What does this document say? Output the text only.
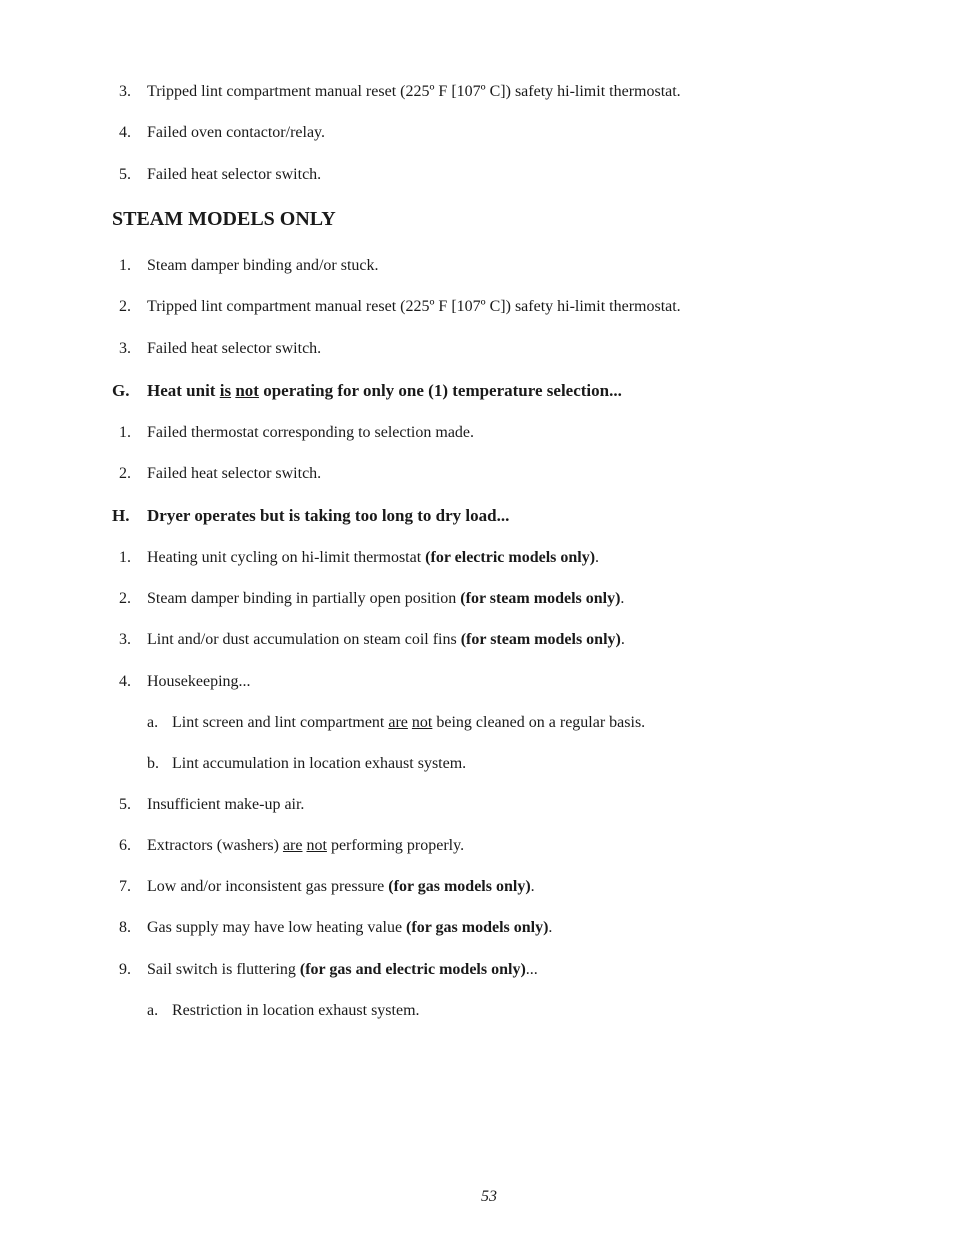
3. Tripped lint compartment manual reset (225º F [107º C]) safety hi-limit thermostat.
4. Failed oven contactor/relay.
5. Failed heat selector switch.
STEAM MODELS ONLY
1. Steam damper binding and/or stuck.
2. Tripped lint compartment manual reset (225º F [107º C]) safety hi-limit thermostat.
3. Failed heat selector switch.
G. Heat unit is not operating for only one (1) temperature selection...
1. Failed thermostat corresponding to selection made.
2. Failed heat selector switch.
H. Dryer operates but is taking too long to dry load...
1. Heating unit cycling on hi-limit thermostat (for electric models only).
2. Steam damper binding in partially open position (for steam models only).
3. Lint and/or dust accumulation on steam coil fins (for steam models only).
4. Housekeeping...
a. Lint screen and lint compartment are not being cleaned on a regular basis.
b. Lint accumulation in location exhaust system.
5. Insufficient make-up air.
6. Extractors (washers) are not performing properly.
7. Low and/or inconsistent gas pressure (for gas models only).
8. Gas supply may have low heating value (for gas models only).
9. Sail switch is fluttering (for gas and electric models only)...
a. Restriction in location exhaust system.
53
